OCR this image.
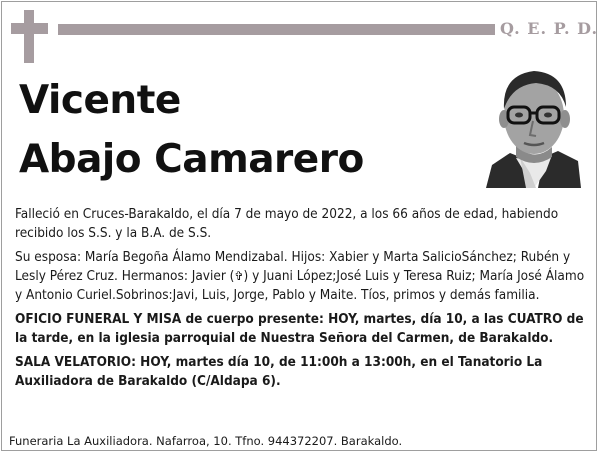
Q. E. P. D.
Vicente
Abajo Camarero

Falleció en Cruces-Barakaldo, el día 7 de mayo de 2022, a los 66 años de edad, habiendo recibido los S.S. y la B.A. de S.S.

Su esposa: María Begoña Álamo Mendizabal. Hijos: Xabier y Marta SalicioSánchez; Rubén y Lesly Pérez Cruz. Hermanos: Javier (✞) y Juani López;José Luis y Teresa Ruiz; María José Álamo y Antonio Curiel.Sobrinos:Javi, Luis, Jorge, Pablo y Maite. Tíos, primos y demás familia.

OFICIO FUNERAL Y MISA de cuerpo presente: HOY, martes, día 10, a las CUATRO de la tarde, en la iglesia parroquial de Nuestra Señora del Carmen, de Barakaldo.

SALA VELATORIO: HOY, martes día 10, de 11:00h a 13:00h, en el Tanatorio La Auxiliadora de Barakaldo (C/Aldapa 6).

Funeraria La Auxiliadora. Nafarroa, 10. Tfno. 944372207. Barakaldo.
